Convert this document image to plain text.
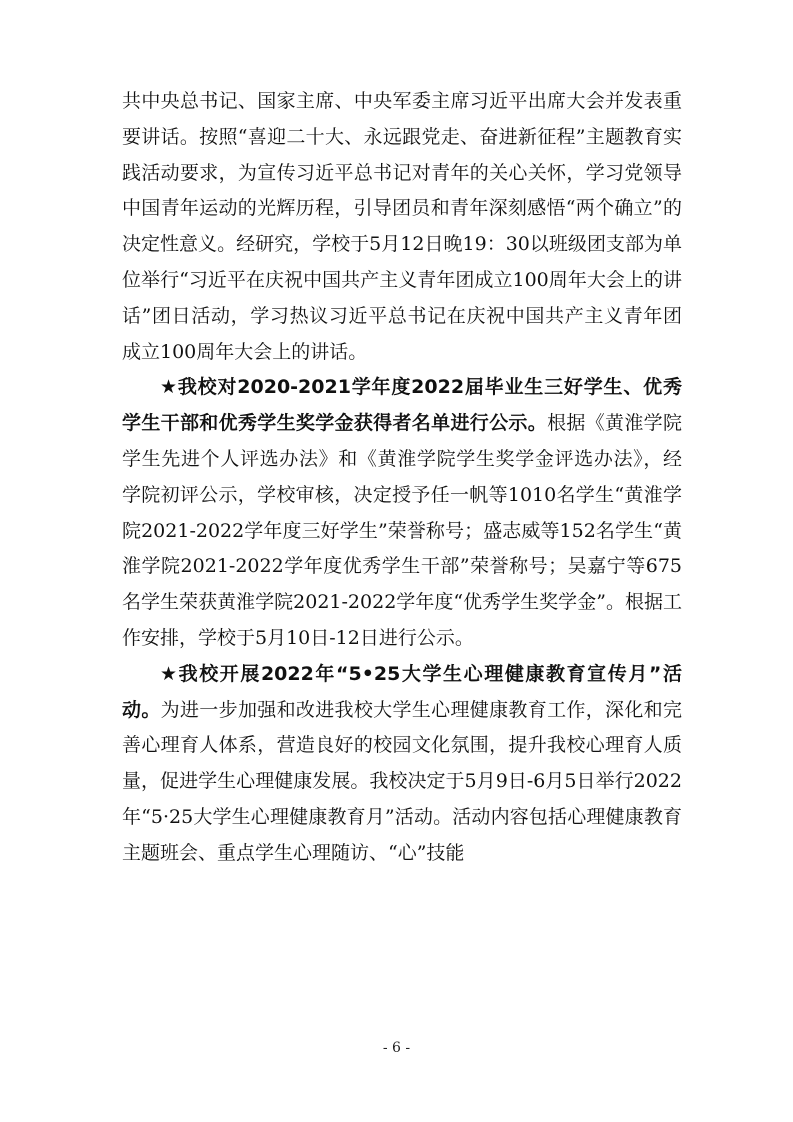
共中央总书记、国家主席、中央军委主席习近平出席大会并发表重要讲话。按照“喜迎二十大、永远跟党走、奋进新征程”主题教育实践活动要求，为宣传习近平总书记对青年的关心关怀，学习党领导中国青年运动的光辉历程，引导团员和青年深刻感悟“两个确立”的决定性意义。经研究，学校于5月12日晚19：30以班级团支部为单位举行“习近平在庆祝中国共产主义青年团成立100周年大会上的讲话”团日活动，学习热议习近平总书记在庆祝中国共产主义青年团成立100周年大会上的讲话。

★我校对2020-2021学年度2022届毕业生三好学生、优秀学生干部和优秀学生奖学金获得者名单进行公示。根据《黄淮学院学生先进个人评选办法》和《黄淮学院学生奖学金评选办法》，经学院初评公示，学校审核，决定授予任一帆等1010名学生“黄淮学院2021-2022学年度三好学生”荣誉称号；盛志威等152名学生“黄淮学院2021-2022学年度优秀学生干部”荣誉称号；吴嘉宁等675名学生荣获黄淮学院2021-2022学年度“优秀学生奖学金”。根据工作安排，学校于5月10日-12日进行公示。

★我校开展2022年“5•25大学生心理健康教育宣传月”活动。为进一步加强和改进我校大学生心理健康教育工作，深化和完善心理育人体系，营造良好的校园文化氛围，提升我校心理育人质量，促进学生心理健康发展。我校决定于5月9日-6月5日举行2022年“5·25大学生心理健康教育月”活动。活动内容包括心理健康教育主题班会、重点学生心理随访、“心”技能

- 6 -
